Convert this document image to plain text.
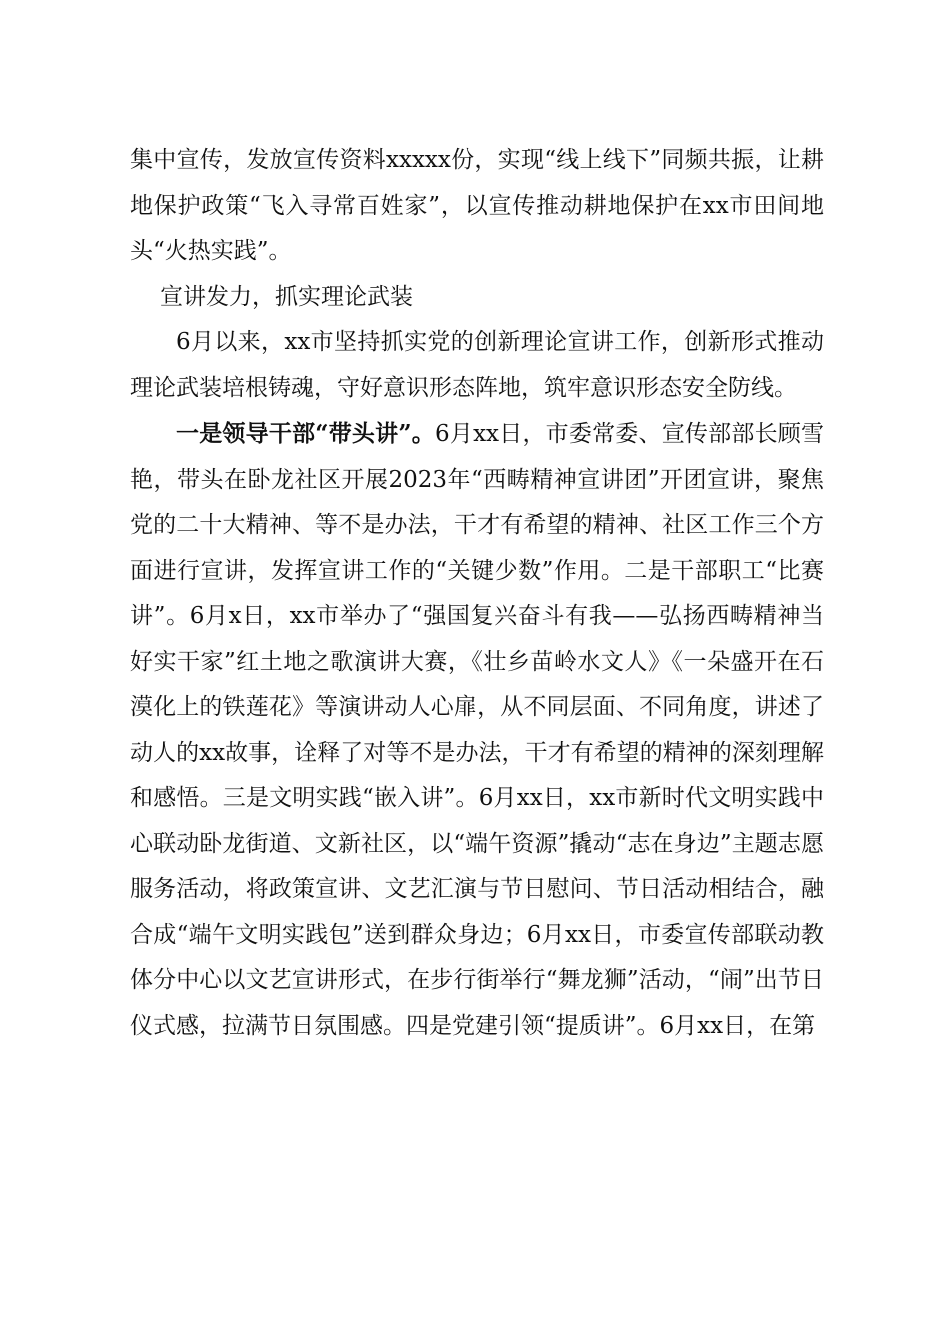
集中宣传，发放宣传资料xxxxx份，实现“线上线下”同频共振，让耕地保护政策“飞入寻常百姓家”，以宣传推动耕地保护在xx市田间地头“火热实践”。

宣讲发力，抓实理论武装

6月以来，xx市坚持抓实党的创新理论宣讲工作，创新形式推动理论武装培根铸魂，守好意识形态阵地，筑牢意识形态安全防线。

一是领导干部“带头讲”。6月xx日，市委常委、宣传部部长顾雪艳，带头在卧龙社区开展2023年“西畴精神宣讲团”开团宣讲，聚焦党的二十大精神、等不是办法，干才有希望的精神、社区工作三个方面进行宣讲，发挥宣讲工作的“关键少数”作用。二是干部职工“比赛讲”。6月x日，xx市举办了“强国复兴奋斗有我——弘扬西畴精神当好实干家”红土地之歌演讲大赛，《壮乡苗岭水文人》《一朵盛开在石漠化上的铁莲花》等演讲动人心扉，从不同层面、不同角度，讲述了动人的xx故事，诠释了对等不是办法，干才有希望的精神的深刻理解和感悟。三是文明实践“嵌入讲”。6月xx日，xx市新时代文明实践中心联动卧龙街道、文新社区，以“端午资源”撬动“志在身边”主题志愿服务活动，将政策宣讲、文艺汇演与节日慰问、节日活动相结合，融合成“端午文明实践包”送到群众身边；6月xx日，市委宣传部联动教体分中心以文艺宣讲形式，在步行街举行“舞龙狮”活动，“闹”出节日仪式感，拉满节日氛围感。四是党建引领“提质讲”。6月xx日，在第
